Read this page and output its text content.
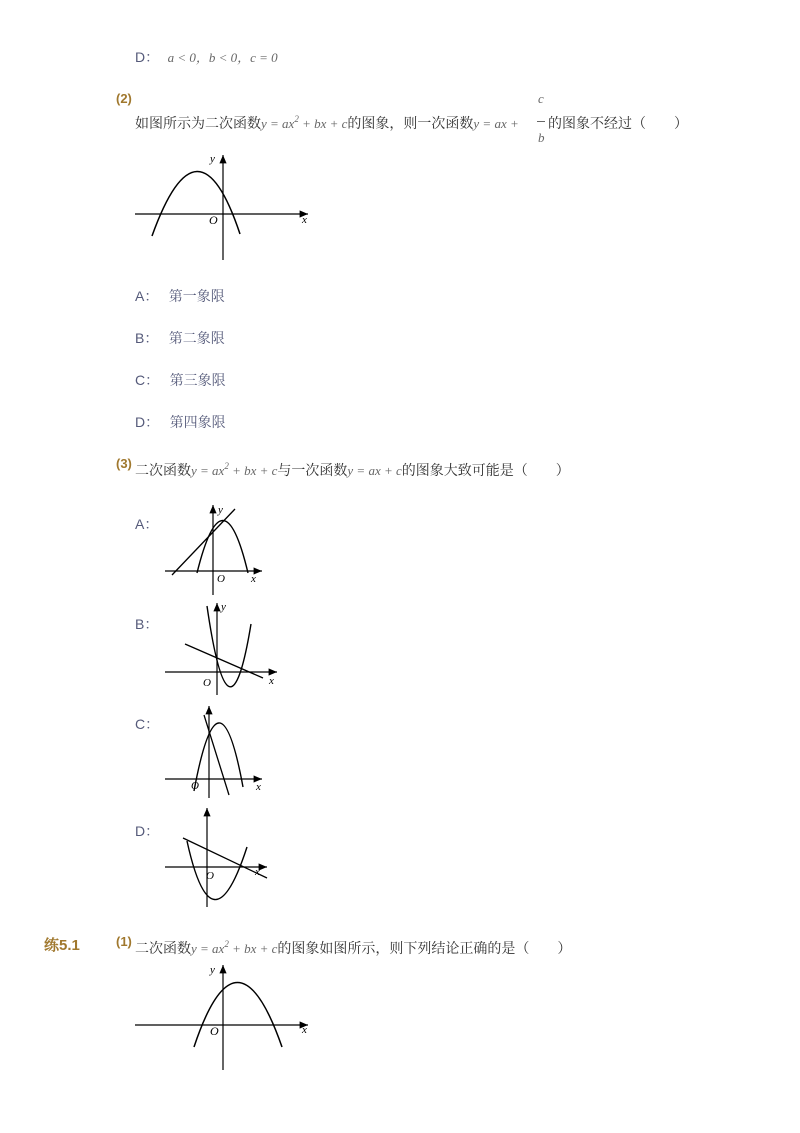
D： a < 0，b < 0，c = 0
(2)
如图所示为二次函数$y = ax^2$ + bx + c的图象，则一次函数y = ax +
c
b
的图象不经过（　　）
y
x
O
A： 第一象限
B： 第二象限
C： 第三象限
D： 第四象限
(3) 二次函数$y = ax^2$ + bx + c与一次函数y = ax + c的图象大致可能是（　　）
A：
y
x
O
B：
y
x
O
C：
O	x
D：
O	x
练5.1	(1) 二次函数$y = ax^2$ + bx + c的图象如图所示，则下列结论正确的是（　　）
y
x
O
